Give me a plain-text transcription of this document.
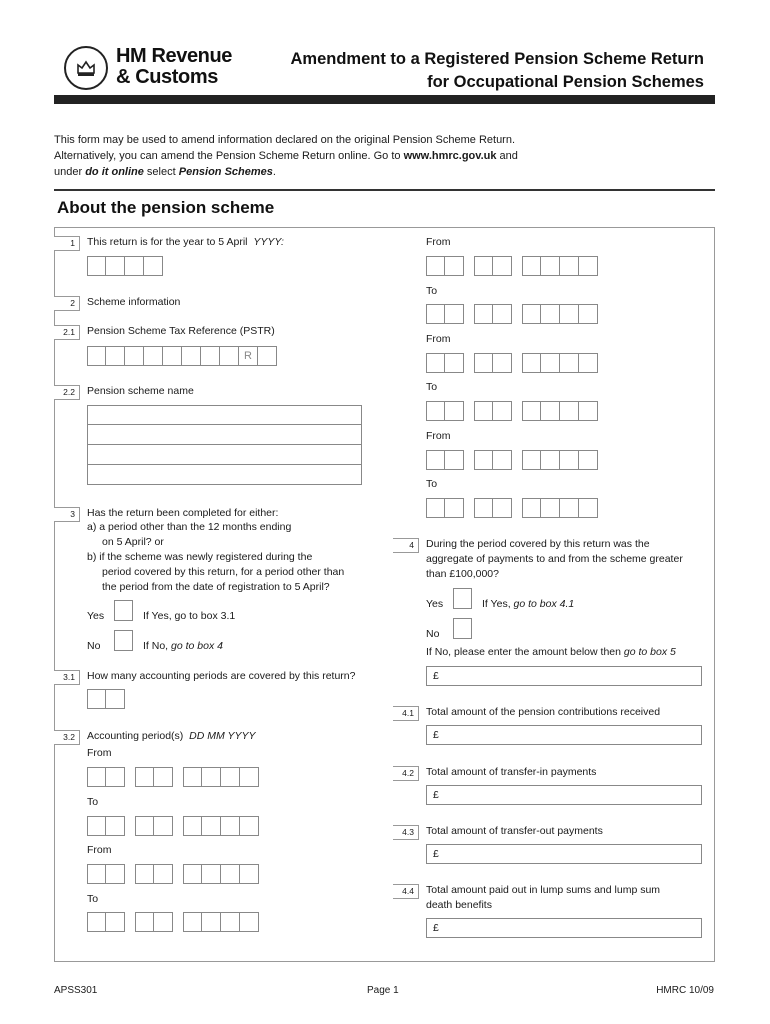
HM Revenue
& Customs
Amendment to a Registered Pension Scheme Return
for Occupational Pension Schemes
This form may be used to amend information declared on the original Pension Scheme Return.
Alternatively, you can amend the Pension Scheme Return online. Go to www.hmrc.gov.uk and
under do it online select Pension Schemes.
About the pension scheme
1	This return is for the year to 5 April YYYY:
2	Scheme information
2.1	Pension Scheme Tax Reference (PSTR)
R
2.2	Pension scheme name
3	Has the return been completed for either:
a) a period other than the 12 months ending
on 5 April? or
b) if the scheme was newly registered during the
period covered by this return, for a period other than
the period from the date of registration to 5 April?
Yes	If Yes, go to box 3.1
No	If No, go to box 4
3.1	How many accounting periods are covered by this return?
3.2	Accounting period(s) DD MM YYYY
From
To
From
To
From
To
From
To
From
To
4	During the period covered by this return was the
aggregate of payments to and from the scheme greater
than £100,000?
Yes	If Yes, go to box 4.1
No
If No, please enter the amount below then go to box 5
£
4.1	Total amount of the pension contributions received
£
4.2	Total amount of transfer-in payments
£
4.3	Total amount of transfer-out payments
£
4.4	Total amount paid out in lump sums and lump sum
death benefits
£
APSS301	Page 1	HMRC 10/09
